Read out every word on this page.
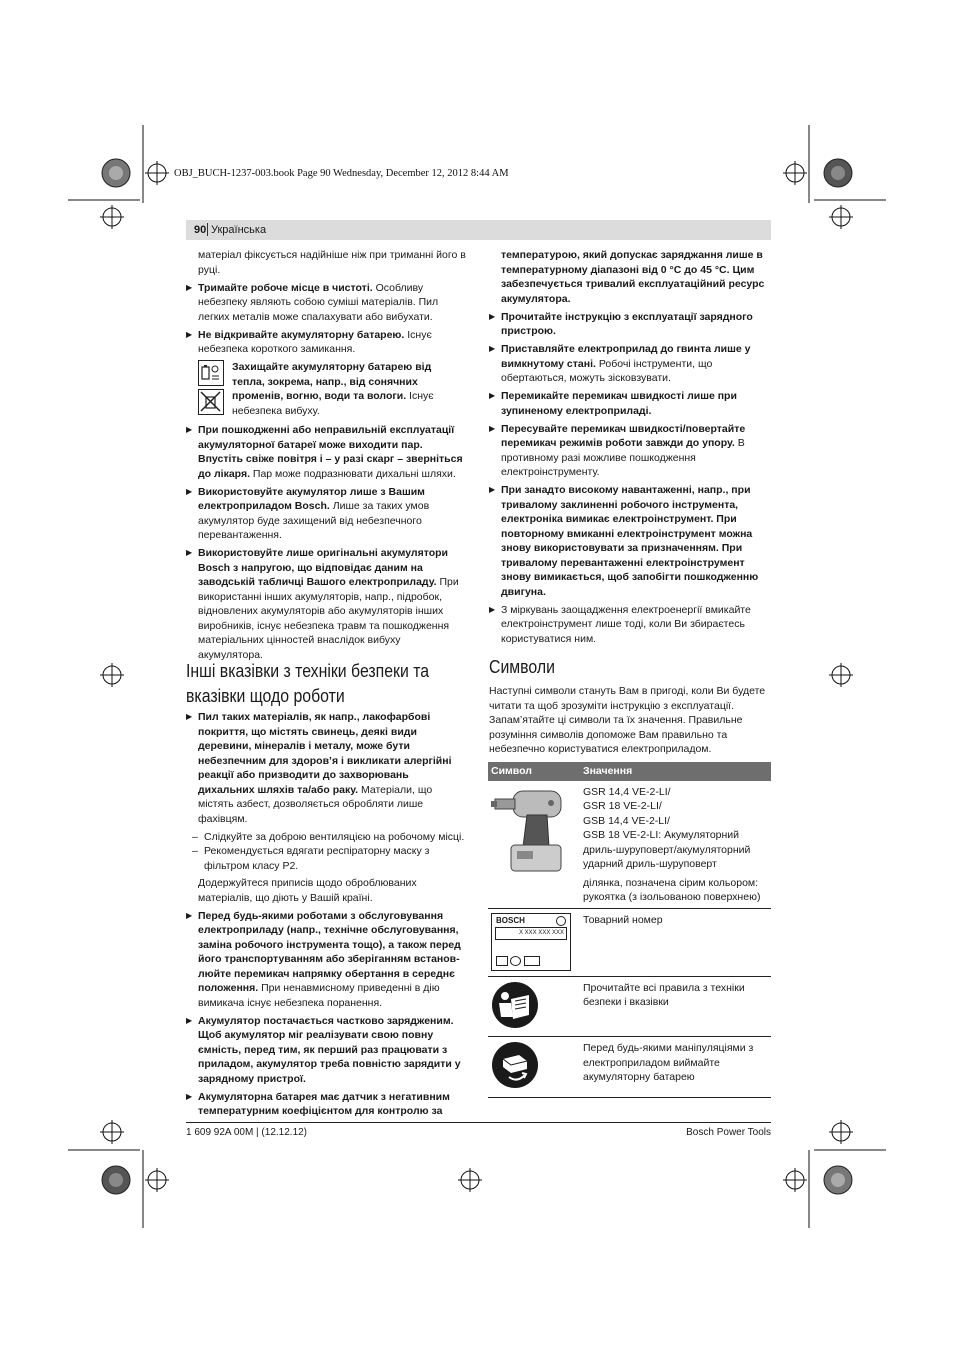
OBJ_BUCH-1237-003.book Page 90 Wednesday, December 12, 2012 8:44 AM
90 Українська

матеріал фіксується надійніше ніж при триманні його в руці.

▶ Тримайте робоче місце в чистоті. Особливу небезпеку являють собою суміші матеріалів. Пил легких металів може спалахувати або вибухати.
▶ Не відкривайте акумуляторну батарею. Існує небезпека короткого замикання.
Захищайте акумуляторну батарею від тепла, зокрема, напр., від сонячних променів, вогню, води та вологи. Існує небезпека вибуху.
▶ При пошкодженні або неправильній експлуатації акумуляторної батареї може виходити пар. Впустіть свіже повітря і – у разі скарг – зверніться до лікаря. Пар може подразнювати дихальні шляхи.
▶ Використовуйте акумулятор лише з Вашим електроприладом Bosch. Лише за таких умов акумулятор буде захищений від небезпечного перевантаження.
▶ Використовуйте лише оригінальні акумулятори Bosch з напругою, що відповідає даним на заводській табличці Вашого електроприладу. При використанні інших акумуляторів, напр., підробок, відновлених акумуляторів або акумуляторів інших виробників, існує небезпека травм та пошкодження матеріальних цінностей внаслідок вибуху акумулятора.
Інші вказівки з техніки безпеки та вказівки щодо роботи
▶ Пил таких матеріалів, як напр., лакофарбові покриття, що містять свинець, деякі види деревини, мінералів і металу, може бути небезпечним для здоров’я і викликати алергійні реакції або призводити до захворювань дихальних шляхів та/або раку. Матеріали, що містять азбест, дозволяється обробляти лише фахівцям.
– Слідкуйте за доброю вентиляцією на робочому місці.
– Рекомендується вдягати респіраторну маску з фільтром класу P2.

Додержуйтеся приписів щодо оброблюваних матеріалів, що діють у Вашій країні.

▶ Перед будь-якими роботами з обслуговування електроприладу (напр., технічне обслуговування, заміна робочого інструмента тощо), а також перед його транспортуванням або зберіганням встанов-люйте перемикач напрямку обертання в середнє положення. При ненавмисному приведенні в дію вимикача існує небезпека поранення.
▶ Акумулятор постачається частково зарядженим. Щоб акумулятор міг реалізувати свою повну ємність, перед тим, як перший раз працювати з приладом, акумулятор треба повністю зарядити у зарядному пристрої.
▶ Акумуляторна батарея має датчик з негативним температурним коефіцієнтом для контролю за

температурою, який допускає заряджання лише в температурному діапазоні від 0 °C до 45 °C. Цим забезпечується тривалий експлуатаційний ресурс акумулятора.

▶ Прочитайте інструкцію з експлуатації зарядного пристрою.
▶ Приставляйте електроприлад до гвинта лише у вимкнутому стані. Робочі інструменти, що обертаються, можуть зісковзувати.
▶ Перемикайте перемикач швидкості лише при зупиненому електроприладі.
▶ Пересувайте перемикач швидкості/повертайте перемикач режимів роботи завжди до упору. В противному разі можливе пошкодження електроінструменту.
▶ При занадто високому навантаженні, напр., при тривалому заклиненні робочого інструмента, електроніка вимикає електроінструмент. При повторному вмиканні електроінструмент можна знову використовувати за призначенням. При тривалому перевантаженні електроінструмент знову вимикається, щоб запобігти пошкодженню двигуна.
▶ З міркувань заощадження електроенергії вмикайте електроінструмент лише тоді, коли Ви збираєтесь користуватися ним.
Символи

Наступні символи стануть Вам в пригоді, коли Ви будете читати та щоб зрозуміти інструкцію з експлуатації. Запам’ятайте ці символи та їх значення. Правильне розуміння символів допоможе Вам правильно та небезпечно користуватися електроприладом.

Символ	Значення

GSR 14,4 VE-2-LI/
GSR 18 VE-2-LI/
GSB 14,4 VE-2-LI/
GSB 18 VE-2-LI: Акумуляторний дриль-шуруповерт/акумуляторний ударний дриль-шуруповерт
ділянка, позначена сірим кольором: рукоятка (з ізольованою поверхнею)

BOSCH
X XXX XXX XXX	Товарний номер
	Прочитайте всі правила з техніки безпеки і вказівки
	Перед будь-якими маніпуляціями з електроприладом виймайте акумуляторну батарею
1 609 92A 00M | (12.12.12)	Bosch Power Tools
